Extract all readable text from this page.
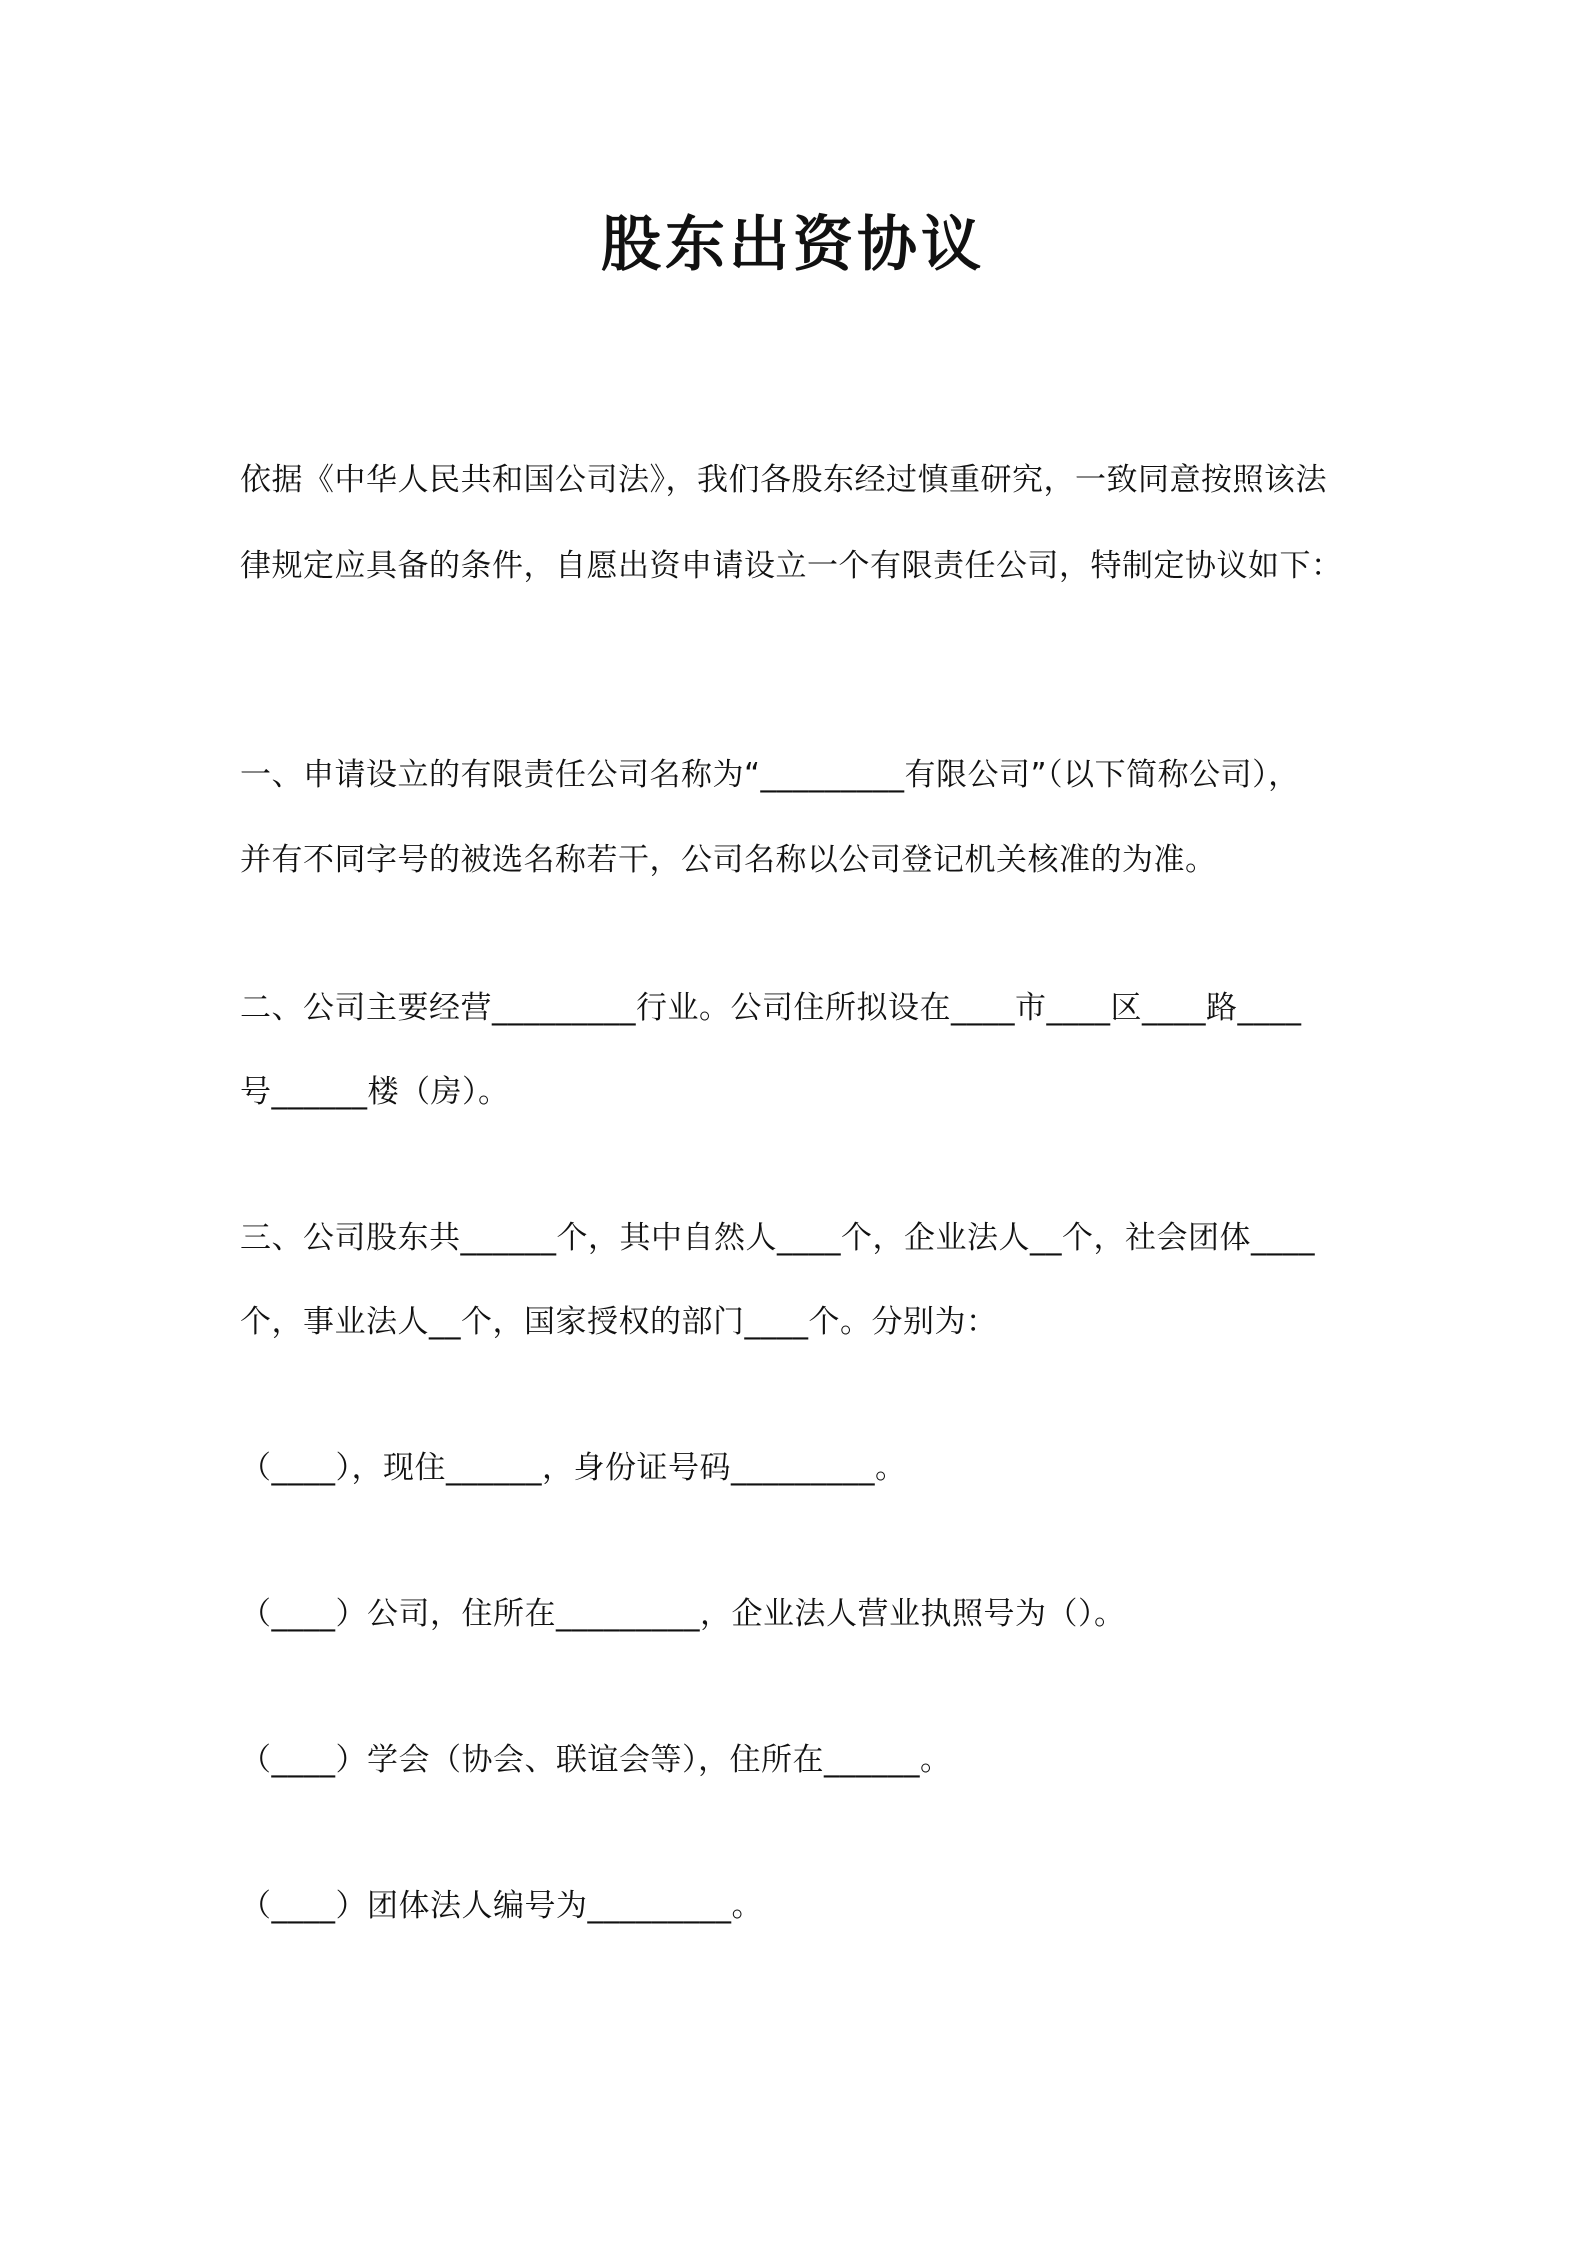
股东出资协议
依据《中华人民共和国公司法》，我们各股东经过慎重研究，一致同意按照该法
律规定应具备的条件，自愿出资申请设立一个有限责任公司，特制定协议如下：
一、申请设立的有限责任公司名称为“_________有限公司”（以下简称公司），
并有不同字号的被选名称若干，公司名称以公司登记机关核准的为准。
二、公司主要经营_________行业。公司住所拟设在____市____区____路____
号______楼（房）。
三、公司股东共______个，其中自然人____个，企业法人__个，社会团体____
个，事业法人__个，国家授权的部门____个。分别为：
（____），现住______，身份证号码_________。
（____）公司，住所在_________，企业法人营业执照号为（）。
（____）学会（协会、联谊会等），住所在______。
（____）团体法人编号为_________。
